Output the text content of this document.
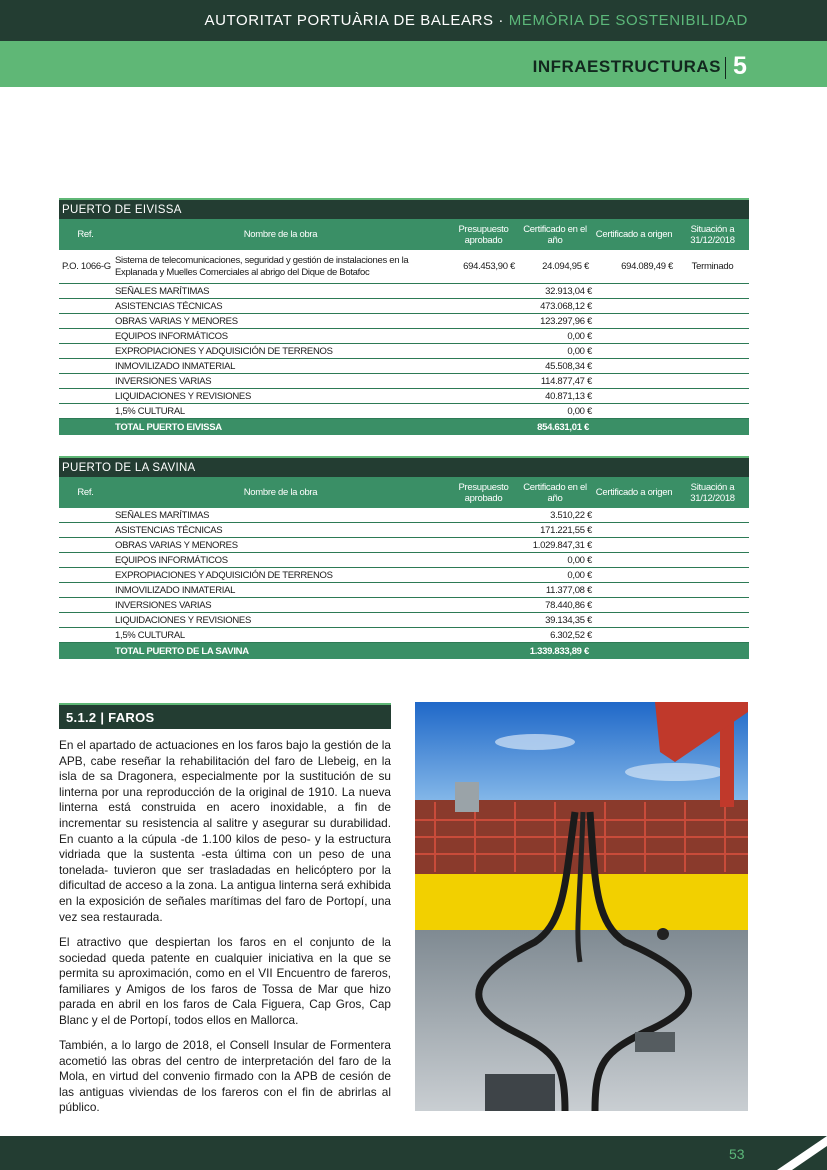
AUTORITAT PORTUÀRIA DE BALEARS · MEMÒRIA DE SOSTENIBILIDAD
INFRAESTRUCTURAS 5
PUERTO DE EIVISSA					
Ref.	Nombre de la obra	Presupuesto aprobado	Certificado en el año	Certificado a origen	Situación a 31/12/2018
P.O. 1066-G	Sistema de telecomunicaciones, seguridad y gestión de instalaciones en la Explanada y Muelles Comerciales al abrigo del Dique de Botafoc	694.453,90 €	24.094,95 €	694.089,49 €	Terminado
	SEÑALES MARÍTIMAS		32.913,04 €		
	ASISTENCIAS TÉCNICAS		473.068,12 €		
	OBRAS VARIAS Y MENORES		123.297,96 €		
	EQUIPOS INFORMÁTICOS		0,00 €		
	EXPROPIACIONES Y ADQUISICIÓN DE TERRENOS		0,00 €		
	INMOVILIZADO INMATERIAL		45.508,34 €		
	INVERSIONES VARIAS		114.877,47 €		
	LIQUIDACIONES Y REVISIONES		40.871,13 €		
	1,5% CULTURAL		0,00 €		
	TOTAL PUERTO EIVISSA		854.631,01 €		
PUERTO DE LA SAVINA					
Ref.	Nombre de la obra	Presupuesto aprobado	Certificado en el año	Certificado a origen	Situación a 31/12/2018
	SEÑALES MARÍTIMAS		3.510,22 €		
	ASISTENCIAS TÉCNICAS		171.221,55 €		
	OBRAS VARIAS Y MENORES		1.029.847,31 €		
	EQUIPOS INFORMÁTICOS		0,00 €		
	EXPROPIACIONES Y ADQUISICIÓN DE TERRENOS		0,00 €		
	INMOVILIZADO INMATERIAL		11.377,08 €		
	INVERSIONES VARIAS		78.440,86 €		
	LIQUIDACIONES Y REVISIONES		39.134,35 €		
	1,5% CULTURAL		6.302,52 €		
	TOTAL PUERTO DE LA SAVINA		1.339.833,89 €		
5.1.2 | FAROS
En el apartado de actuaciones en los faros bajo la gestión de la APB, cabe reseñar la rehabilitación del faro de Llebeig, en la isla de sa Dragonera, especialmente por la sustitución de su linterna por una reproducción de la original de 1910. La nueva linterna está construida en acero inoxidable, a fin de incrementar su resistencia al salitre y asegurar su durabilidad. En cuanto a la cúpula -de 1.100 kilos de peso- y la estructura vidriada que la sustenta -esta última con un peso de una tonelada- tuvieron que ser trasladadas en helicóptero por la dificultad de acceso a la zona. La antigua linterna será exhibida en la exposición de señales marítimas del faro de Portopí, una vez sea restaurada.
El atractivo que despiertan los faros en el conjunto de la sociedad queda patente en cualquier iniciativa en la que se permita su aproximación, como en el VII Encuentro de fareros, familiares y Amigos de los faros de Tossa de Mar que hizo parada en abril en los faros de Cala Figuera, Cap Gros, Cap Blanc y el de Portopí, todos ellos en Mallorca.
También, a lo largo de 2018, el Consell Insular de Formentera acometió las obras del centro de interpretación del faro de la Mola, en virtud del convenio firmado con la APB de cesión de las antiguas viviendas de los fareros con el fin de abrirlas al público.
53
